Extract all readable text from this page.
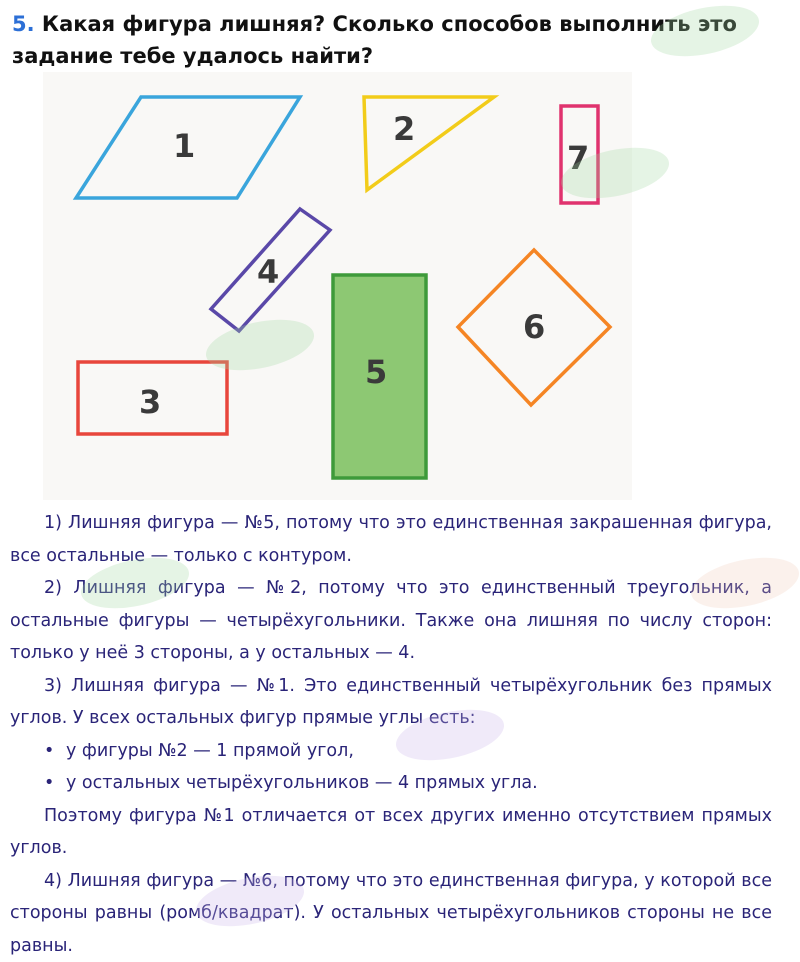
5. Какая фигура лишняя? Сколько способов выполнить это задание тебе удалось найти?
1	2
7
4
6
5
3

1) Лишняя фигура — №5, потому что это единственная закрашенная фигура, все остальные — только с контуром.

2) Лишняя фигура — №2, потому что это единственный треугольник, а остальные фигуры — четырёхугольники. Также она лишняя по числу сторон: только у неё 3 стороны, а у остальных — 4.

3) Лишняя фигура — №1. Это единственный четырёхугольник без прямых углов. У всех остальных фигур прямые углы есть:

• у фигуры №2 — 1 прямой угол,
• у остальных четырёхугольников — 4 прямых угла.

Поэтому фигура №1 отличается от всех других именно отсутствием прямых углов.

4) Лишняя фигура — №6, потому что это единственная фигура, у которой все стороны равны (ромб/квадрат). У остальных четырёхугольников стороны не все равны.
